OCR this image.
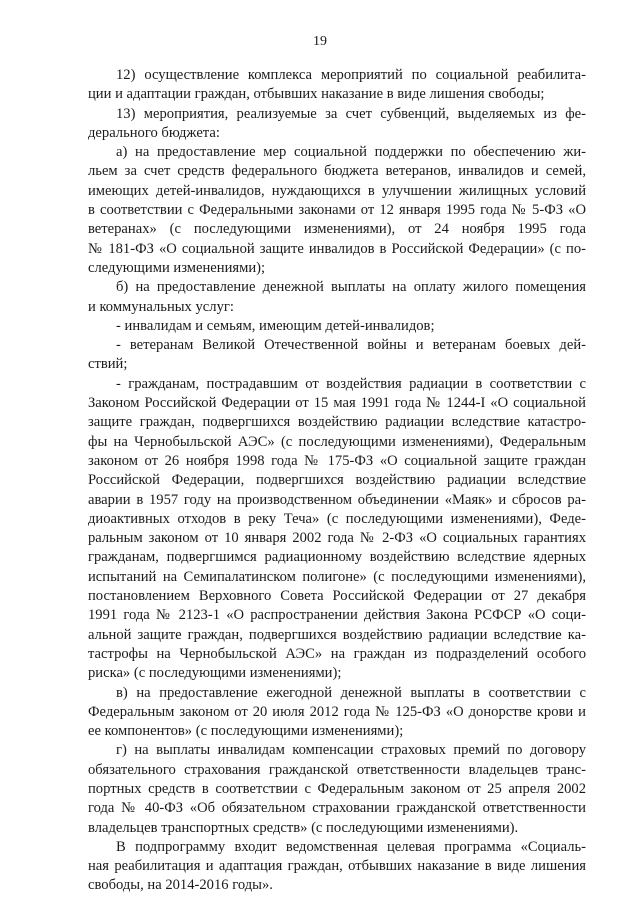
19
12) осуществление комплекса мероприятий по социальной реабилита-
ции и адаптации граждан, отбывших наказание в виде лишения свободы;
13) мероприятия, реализуемые за счет субвенций, выделяемых из фе-
дерального бюджета:
а) на предоставление мер социальной поддержки по обеспечению жи-
льем за счет средств федерального бюджета ветеранов, инвалидов и семей,
имеющих детей-инвалидов, нуждающихся в улучшении жилищных условий
в соответствии с Федеральными законами от 12 января 1995 года № 5-ФЗ «О
ветеранах» (с последующими изменениями), от 24 ноября 1995 года
№ 181-ФЗ «О социальной защите инвалидов в Российской Федерации» (с по-
следующими изменениями);
б) на предоставление денежной выплаты на оплату жилого помещения
и коммунальных услуг:
- инвалидам и семьям, имеющим детей-инвалидов;
- ветеранам Великой Отечественной войны и ветеранам боевых дей-
ствий;
- гражданам, пострадавшим от воздействия радиации в соответствии с
Законом Российской Федерации от 15 мая 1991 года № 1244-I «О социальной
защите граждан, подвергшихся воздействию радиации вследствие катастро-
фы на Чернобыльской АЭС» (с последующими изменениями), Федеральным
законом от 26 ноября 1998 года № 175-ФЗ «О социальной защите граждан
Российской Федерации, подвергшихся воздействию радиации вследствие
аварии в 1957 году на производственном объединении «Маяк» и сбросов ра-
диоактивных отходов в реку Теча» (с последующими изменениями), Феде-
ральным законом от 10 января 2002 года № 2-ФЗ «О социальных гарантиях
гражданам, подвергшимся радиационному воздействию вследствие ядерных
испытаний на Семипалатинском полигоне» (с последующими изменениями),
постановлением Верховного Совета Российской Федерации от 27 декабря
1991 года № 2123-1 «О распространении действия Закона РСФСР «О соци-
альной защите граждан, подвергшихся воздействию радиации вследствие ка-
тастрофы на Чернобыльской АЭС» на граждан из подразделений особого
риска» (с последующими изменениями);
в) на предоставление ежегодной денежной выплаты в соответствии с
Федеральным законом от 20 июля 2012 года № 125-ФЗ «О донорстве крови и
ее компонентов» (с последующими изменениями);
г) на выплаты инвалидам компенсации страховых премий по договору
обязательного страхования гражданской ответственности владельцев транс-
портных средств в соответствии с Федеральным законом от 25 апреля 2002
года № 40-ФЗ «Об обязательном страховании гражданской ответственности
владельцев транспортных средств» (с последующими изменениями).
В подпрограмму входит ведомственная целевая программа «Социаль-
ная реабилитация и адаптация граждан, отбывших наказание в виде лишения
свободы, на 2014-2016 годы».
